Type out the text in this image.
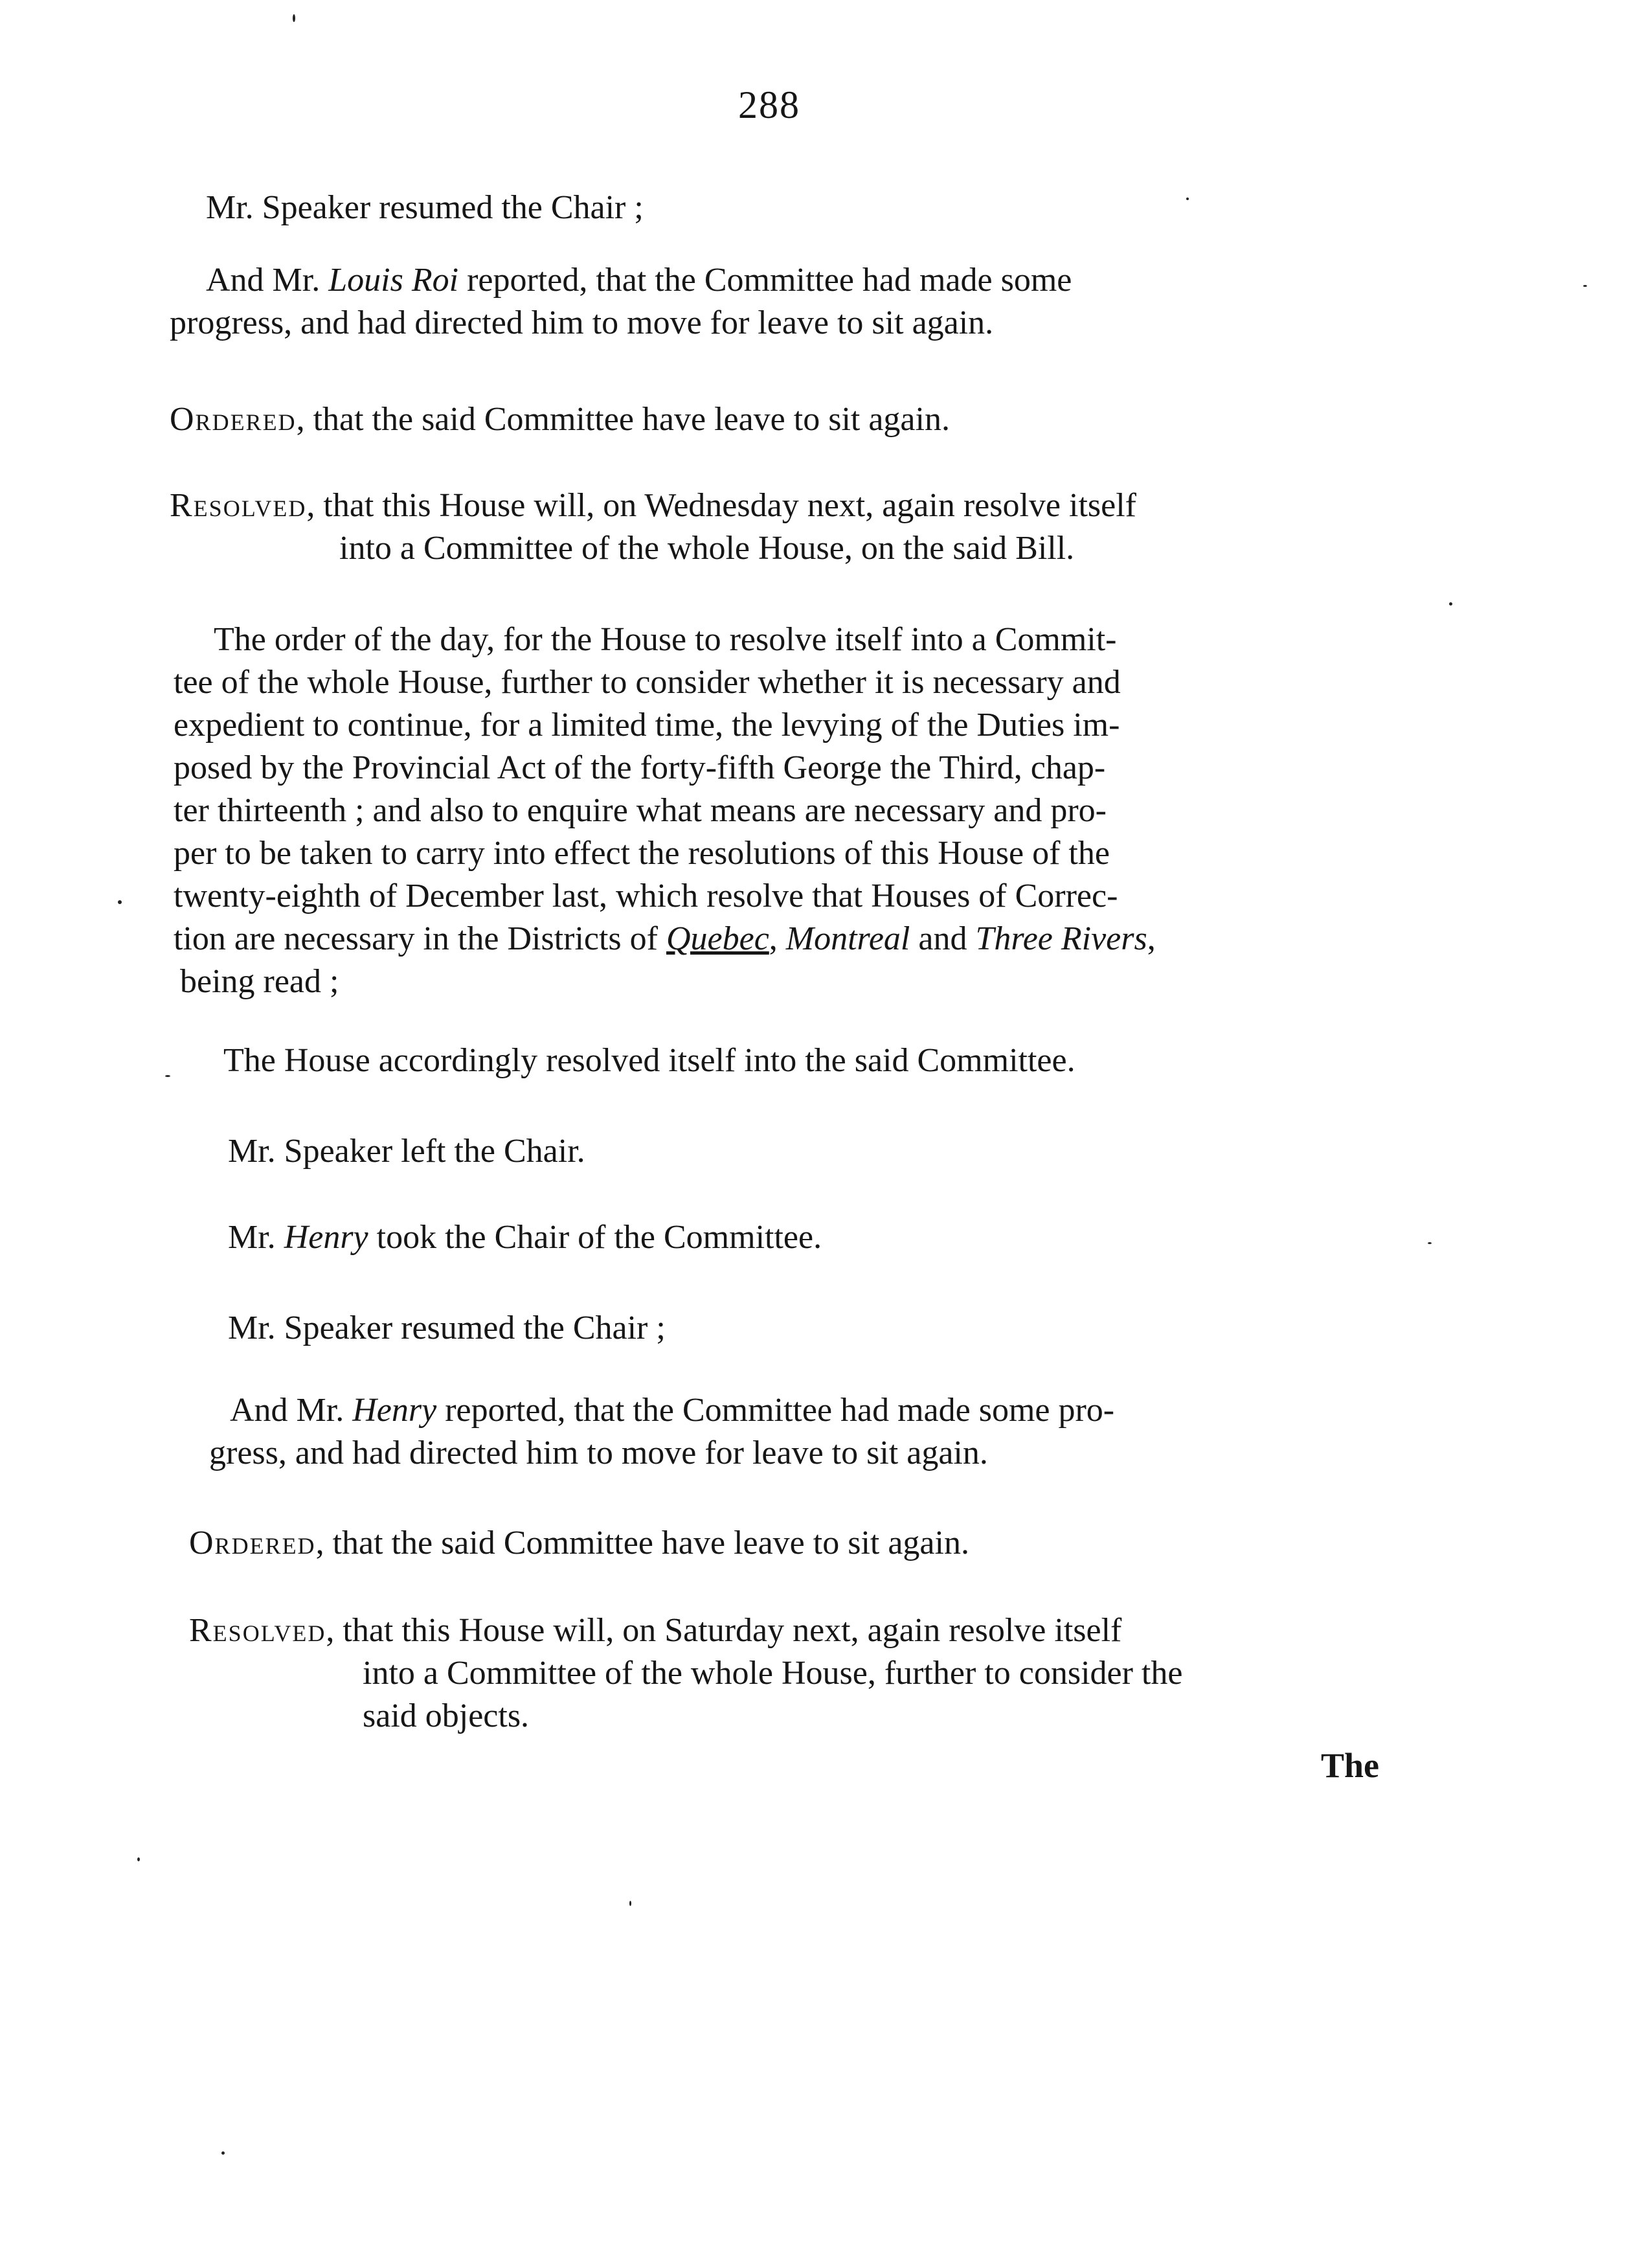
288
Mr. Speaker resumed the Chair ;
And Mr. Louis Roi reported, that the Committee had made some
progress, and had directed him to move for leave to sit again.
Ordered, that the said Committee have leave to sit again.
Resolved, that this House will, on Wednesday next, again resolve itself
into a Committee of the whole House, on the said Bill.
The order of the day, for the House to resolve itself into a Commit-
tee of the whole House, further to consider whether it is necessary and
expedient to continue, for a limited time, the levying of the Duties im-
posed by the Provincial Act of the forty-fifth George the Third, chap-
ter thirteenth ; and also to enquire what means are necessary and pro-
per to be taken to carry into effect the resolutions of this House of the
twenty-eighth of December last, which resolve that Houses of Correc-
tion are necessary in the Districts of Quebec, Montreal and Three Rivers,
being read ;
The House accordingly resolved itself into the said Committee.
Mr. Speaker left the Chair.
Mr. Henry took the Chair of the Committee.
Mr. Speaker resumed the Chair ;
And Mr. Henry reported, that the Committee had made some pro-
gress, and had directed him to move for leave to sit again.
Ordered, that the said Committee have leave to sit again.
Resolved, that this House will, on Saturday next, again resolve itself
into a Committee of the whole House, further to consider the
said objects.
The
